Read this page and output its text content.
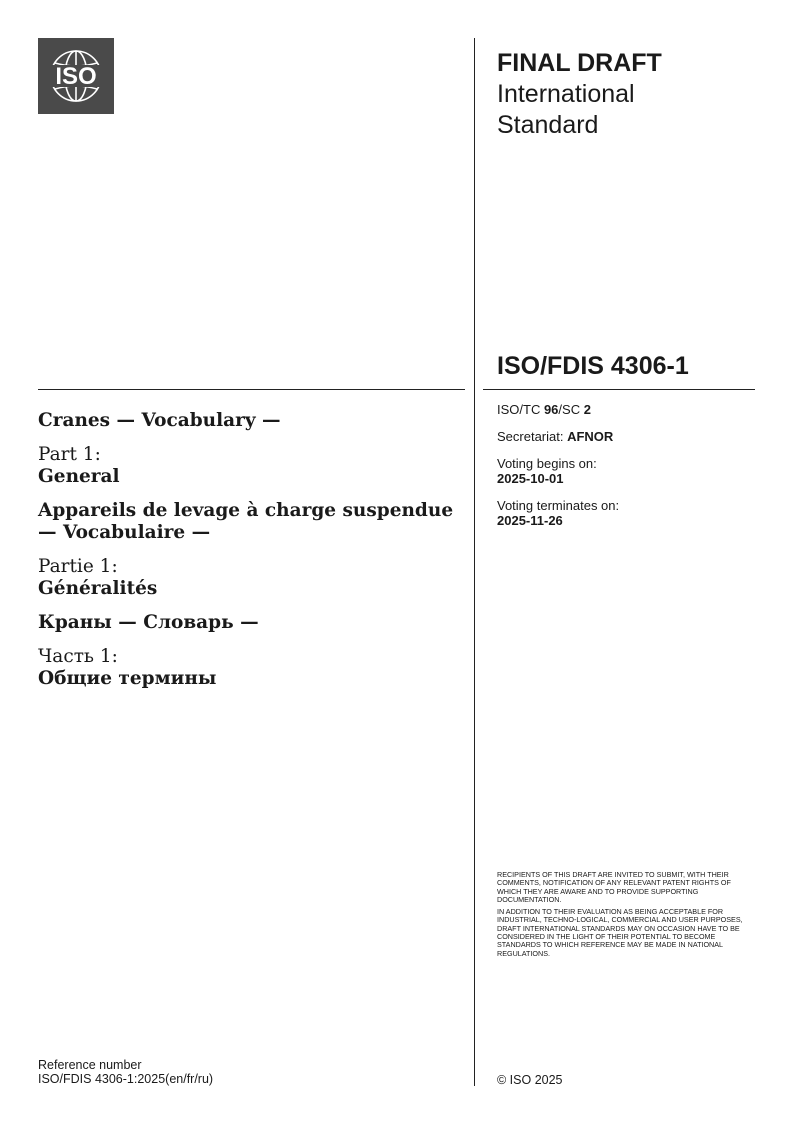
ISO	FINAL DRAFT
International
Standard
ISO/FDIS 4306-1

Cranes — Vocabulary —

Part 1:

General

Appareils de levage à charge suspendue — Vocabulaire —

Partie 1:

Généralités

Краны — Словарь —

Часть 1:

Общие термины

ISO/TC 96/SC 2
Secretariat: AFNOR
Voting begins on:
2025-10-01
Voting terminates on:
2025-11-26

RECIPIENTS OF THIS DRAFT ARE INVITED TO SUBMIT, WITH THEIR COMMENTS, NOTIFICATION OF ANY RELEVANT PATENT RIGHTS OF WHICH THEY ARE AWARE AND TO PROVIDE SUPPORTING DOCUMENTATION.

IN ADDITION TO THEIR EVALUATION AS BEING ACCEPTABLE FOR INDUSTRIAL, TECHNO-LOGICAL, COMMERCIAL AND USER PURPOSES, DRAFT INTERNATIONAL STANDARDS MAY ON OCCASION HAVE TO BE CONSIDERED IN THE LIGHT OF THEIR POTENTIAL TO BECOME STANDARDS TO WHICH REFERENCE MAY BE MADE IN NATIONAL REGULATIONS.

Reference number
ISO/FDIS 4306-1:2025(en/fr/ru)	© ISO 2025
